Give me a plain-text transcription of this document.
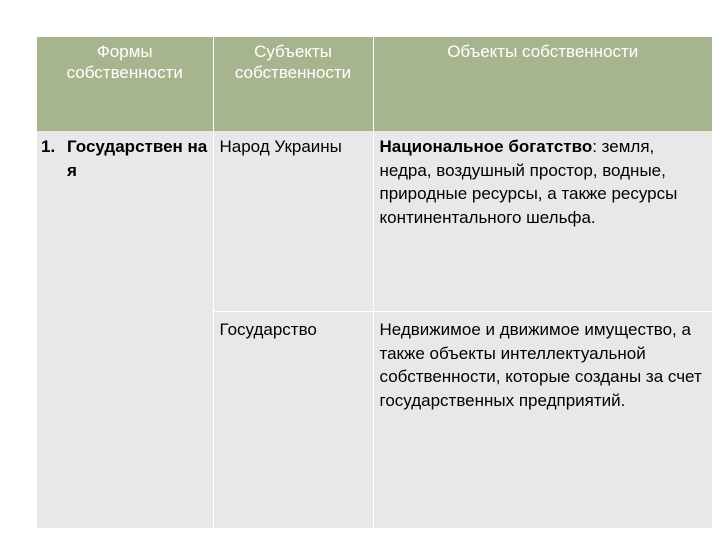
Формы собственности	Субъекты собственности	Объекты собственности

1. Государствен ная	Народ Украины	Национальное богатство: земля, недра, воздушный простор, водные, природные ресурсы, а также ресурсы континентального шельфа.

	Государство	Недвижимое и движимое имущество, а также объекты интеллектуальной собственности, которые созданы за счет государственных предприятий.
